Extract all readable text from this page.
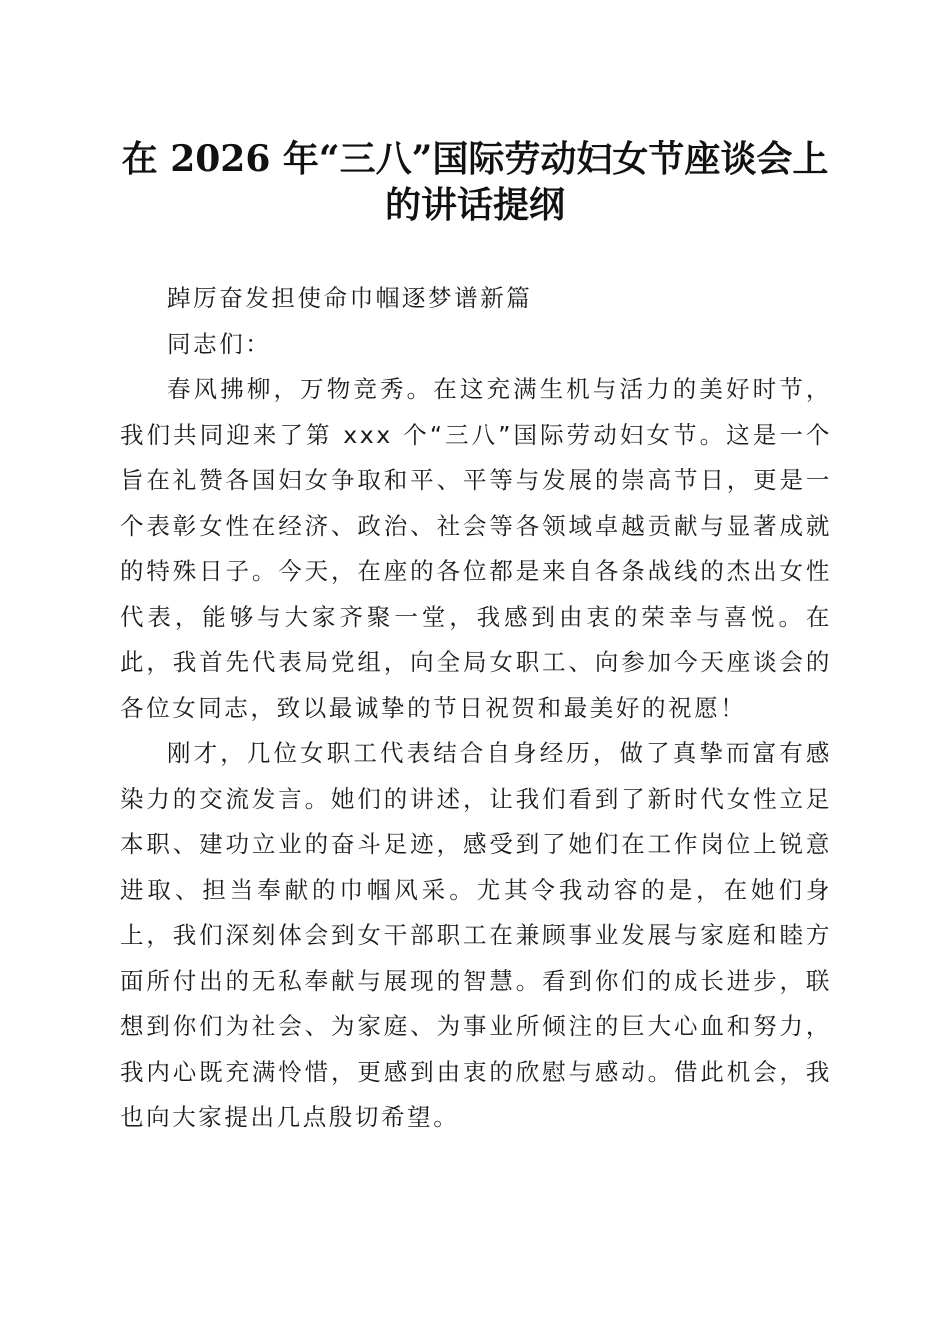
在 2026 年“三八”国际劳动妇女节座谈会上
的讲话提纲

踔厉奋发担使命巾帼逐梦谱新篇

同志们：

春风拂柳，万物竞秀。在这充满生机与活力的美好时节，我们共同迎来了第 xxx 个“三八”国际劳动妇女节。这是一个旨在礼赞各国妇女争取和平、平等与发展的崇高节日，更是一个表彰女性在经济、政治、社会等各领域卓越贡献与显著成就的特殊日子。今天，在座的各位都是来自各条战线的杰出女性代表，能够与大家齐聚一堂，我感到由衷的荣幸与喜悦。在此，我首先代表局党组，向全局女职工、向参加今天座谈会的各位女同志，致以最诚挚的节日祝贺和最美好的祝愿！

刚才，几位女职工代表结合自身经历，做了真挚而富有感染力的交流发言。她们的讲述，让我们看到了新时代女性立足本职、建功立业的奋斗足迹，感受到了她们在工作岗位上锐意进取、担当奉献的巾帼风采。尤其令我动容的是，在她们身上，我们深刻体会到女干部职工在兼顾事业发展与家庭和睦方面所付出的无私奉献与展现的智慧。看到你们的成长进步，联想到你们为社会、为家庭、为事业所倾注的巨大心血和努力，我内心既充满怜惜，更感到由衷的欣慰与感动。借此机会，我也向大家提出几点殷切希望。
